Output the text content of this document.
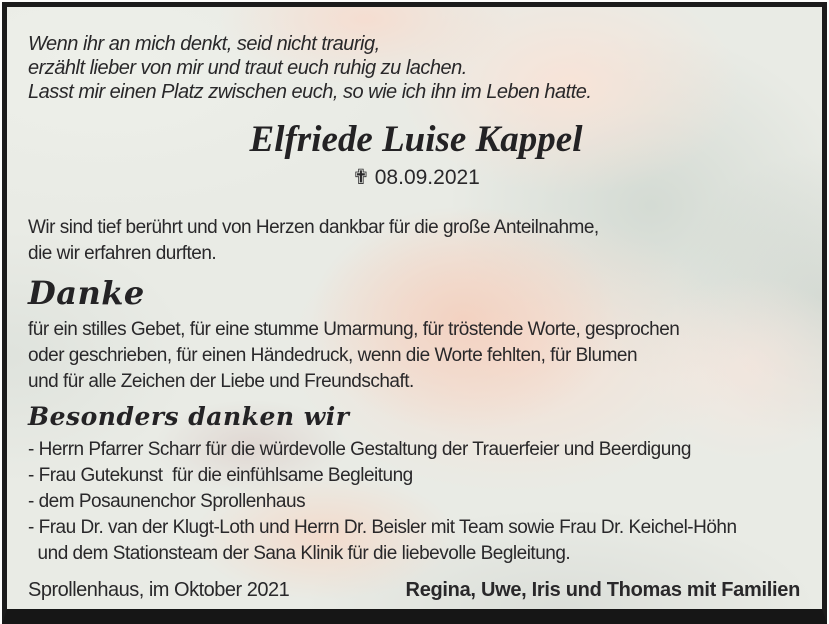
Wenn ihr an mich denkt, seid nicht traurig,
erzählt lieber von mir und traut euch ruhig zu lachen.
Lasst mir einen Platz zwischen euch, so wie ich ihn im Leben hatte.
Elfriede Luise Kappel
✟ 08.09.2021
Wir sind tief berührt und von Herzen dankbar für die große Anteilnahme,
die wir erfahren durften.
Danke
für ein stilles Gebet, für eine stumme Umarmung, für tröstende Worte, gesprochen
oder geschrieben, für einen Händedruck, wenn die Worte fehlten, für Blumen
und für alle Zeichen der Liebe und Freundschaft.
Besonders danken wir
- Herrn Pfarrer Scharr für die würdevolle Gestaltung der Trauerfeier und Beerdigung
- Frau Gutekunst  für die einfühlsame Begleitung
- dem Posaunenchor Sprollenhaus
- Frau Dr. van der Klugt-Loth und Herrn Dr. Beisler mit Team sowie Frau Dr. Keichel-Höhn
und dem Stationsteam der Sana Klinik für die liebevolle Begleitung.
Sprollenhaus, im Oktober 2021	Regina, Uwe, Iris und Thomas mit Familien
